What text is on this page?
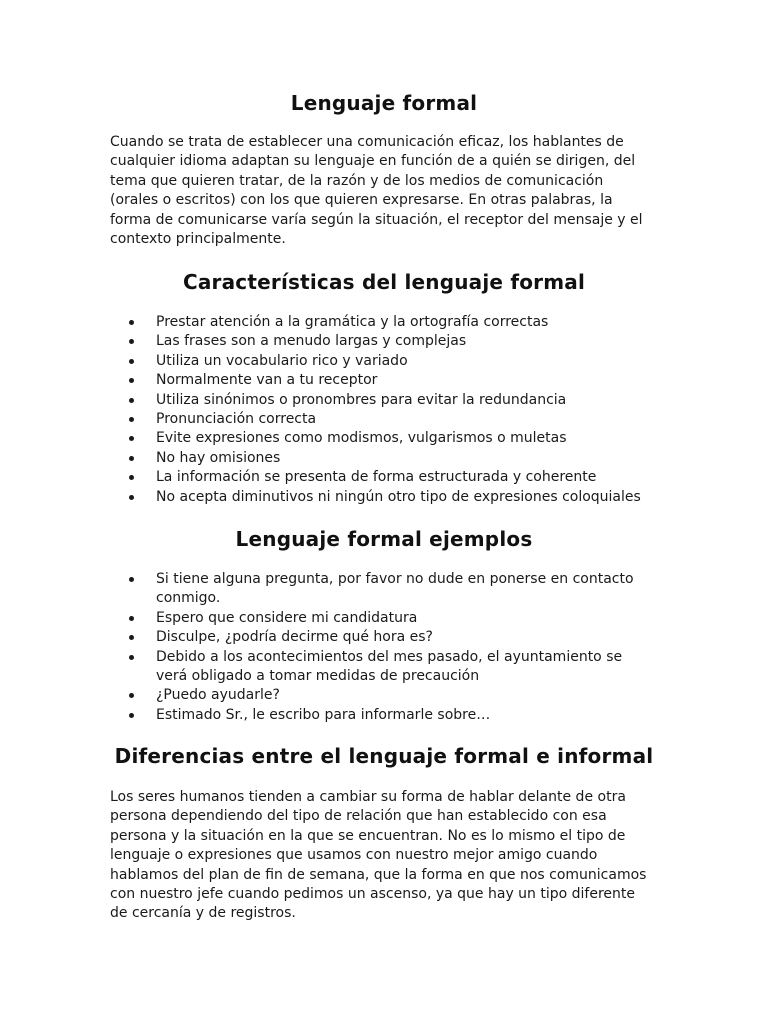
Lenguaje formal

Cuando se trata de establecer una comunicación eficaz, los hablantes de cualquier idioma adaptan su lenguaje en función de a quién se dirigen, del tema que quieren tratar, de la razón y de los medios de comunicación (orales o escritos) con los que quieren expresarse. En otras palabras, la forma de comunicarse varía según la situación, el receptor del mensaje y el contexto principalmente.

Características del lenguaje formal
Prestar atención a la gramática y la ortografía correctas
Las frases son a menudo largas y complejas
Utiliza un vocabulario rico y variado
Normalmente van a tu receptor
Utiliza sinónimos o pronombres para evitar la redundancia
Pronunciación correcta
Evite expresiones como modismos, vulgarismos o muletas
No hay omisiones
La información se presenta de forma estructurada y coherente
No acepta diminutivos ni ningún otro tipo de expresiones coloquiales
Lenguaje formal ejemplos
Si tiene alguna pregunta, por favor no dude en ponerse en contacto conmigo.
Espero que considere mi candidatura
Disculpe, ¿podría decirme qué hora es?
Debido a los acontecimientos del mes pasado, el ayuntamiento se verá obligado a tomar medidas de precaución
¿Puedo ayudarle?
Estimado Sr., le escribo para informarle sobre…
Diferencias entre el lenguaje formal e informal

Los seres humanos tienden a cambiar su forma de hablar delante de otra persona dependiendo del tipo de relación que han establecido con esa persona y la situación en la que se encuentran. No es lo mismo el tipo de lenguaje o expresiones que usamos con nuestro mejor amigo cuando hablamos del plan de fin de semana, que la forma en que nos comunicamos con nuestro jefe cuando pedimos un ascenso, ya que hay un tipo diferente de cercanía y de registros.
